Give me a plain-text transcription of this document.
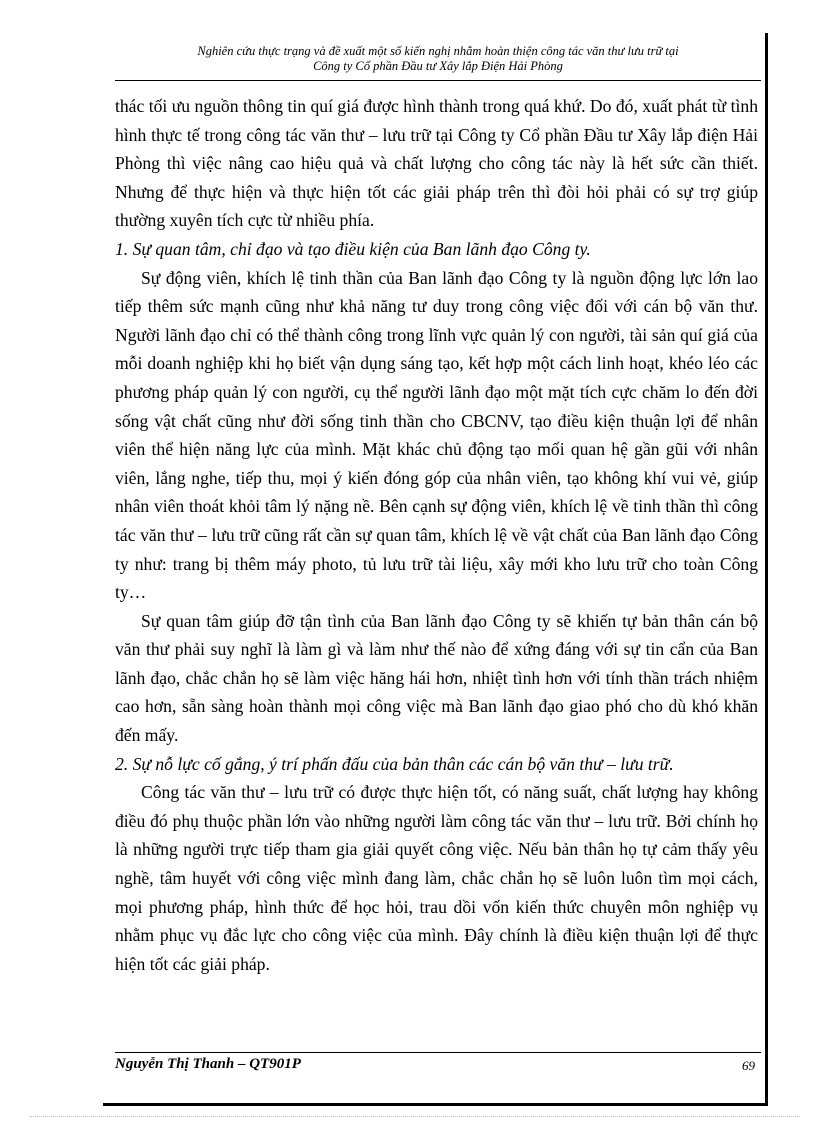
Nghiên cứu thực trạng và đề xuất một số kiến nghị nhằm hoàn thiện công tác văn thư lưu trữ tại
Công ty Cổ phần Đầu tư Xây lắp Điện Hải Phòng

thác tối ưu nguồn thông tin quí giá được hình thành trong quá khứ. Do đó, xuất phát từ tình hình thực tế trong công tác văn thư – lưu trữ tại Công ty Cổ phần Đầu tư Xây lắp điện Hải Phòng thì việc nâng cao hiệu quả và chất lượng cho công tác này là hết sức cần thiết. Nhưng để thực hiện và thực hiện tốt các giải pháp trên thì đòi hỏi phải có sự trợ giúp thường xuyên tích cực từ nhiều phía.

1. Sự quan tâm, chỉ đạo và tạo điều kiện của Ban lãnh đạo Công ty.

Sự động viên, khích lệ tinh thần của Ban lãnh đạo Công ty là nguồn động lực lớn lao tiếp thêm sức mạnh cũng như khả năng tư duy trong công việc đối với cán bộ văn thư. Người lãnh đạo chỉ có thể thành công trong lĩnh vực quản lý con người, tài sản quí giá của mỗi doanh nghiệp khi họ biết vận dụng sáng tạo, kết hợp một cách linh hoạt, khéo léo các phương pháp quản lý con người, cụ thể người lãnh đạo một mặt tích cực chăm lo đến đời sống vật chất cũng như đời sống tinh thần cho CBCNV, tạo điều kiện thuận lợi để nhân viên thể hiện năng lực của mình. Mặt khác chủ động tạo mối quan hệ gần gũi với nhân viên, lắng nghe, tiếp thu, mọi ý kiến đóng góp của nhân viên, tạo không khí vui vẻ, giúp nhân viên thoát khỏi tâm lý nặng nề. Bên cạnh sự động viên, khích lệ về tinh thần thì công tác văn thư – lưu trữ cũng rất cần sự quan tâm, khích lệ về vật chất của Ban lãnh đạo Công ty như: trang bị thêm máy photo, tủ lưu trữ tài liệu, xây mới kho lưu trữ cho toàn Công ty…

Sự quan tâm giúp đỡ tận tình của Ban lãnh đạo Công ty sẽ khiến tự bản thân cán bộ văn thư phải suy nghĩ là làm gì và làm như thế nào để xứng đáng với sự tin cẩn của Ban lãnh đạo, chắc chắn họ sẽ làm việc hăng hái hơn, nhiệt tình hơn với tính thần trách nhiệm cao hơn, sẵn sàng hoàn thành mọi công việc mà Ban lãnh đạo giao phó cho dù khó khăn đến mấy.

2. Sự nỗ lực cố gắng, ý trí phấn đấu của bản thân các cán bộ văn thư – lưu trữ.

Công tác văn thư – lưu trữ có được thực hiện tốt, có năng suất, chất lượng hay không điều đó phụ thuộc phần lớn vào những người làm công tác văn thư – lưu trữ. Bởi chính họ là những người trực tiếp tham gia giải quyết công việc. Nếu bản thân họ tự cảm thấy yêu nghề, tâm huyết với công việc mình đang làm, chắc chắn họ sẽ luôn luôn tìm mọi cách, mọi phương pháp, hình thức để học hỏi, trau dồi vốn kiến thức chuyên môn nghiệp vụ nhằm phục vụ đắc lực cho công việc của mình. Đây chính là điều kiện thuận lợi để thực hiện tốt các giải pháp.

Nguyễn Thị Thanh – QT901P	69
